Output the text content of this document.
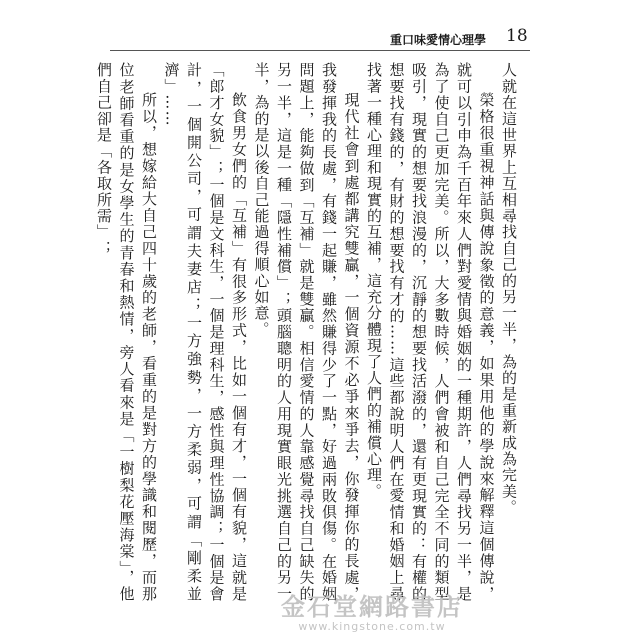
重口味愛情心理學 18

人就在這世界上互相尋找自己的另一半，為的是重新成為完美。

榮格很重視神話與傳說象徵的意義，如果用他的學說來解釋這個傳說，就可以引申為千百年來人們對愛情與婚姻的一種期許，人們尋找另一半，是為了使自己更加完美。所以，大多數時候，人們會被和自己完全不同的類型吸引，現實的想要找浪漫的，沉靜的想要找活潑的，還有更現實的：有權的想要找有錢的，有財的想要找有才的……這些都說明人們在愛情和婚姻上尋找著一種心理和現實的互補，這充分體現了人們的補償心理。

現代社會到處都講究雙贏，一個資源不必爭來爭去，你發揮你的長處，我發揮我的長處，有錢一起賺，雖然賺得少了一點，好過兩敗俱傷。在婚姻問題上，能夠做到「互補」就是雙贏。相信愛情的人靠感覺尋找自己缺失的另一半，這是一種「隱性補償」；頭腦聰明的人用現實眼光挑選自己的另一半，為的是以後自己能過得順心如意。

飲食男女們的「互補」有很多形式，比如一個有才，一個有貌，這就是「郎才女貌」；一個是文科生，一個是理科生，感性與理性協調；一個是會計，一個開公司，可謂夫妻店；一方強勢，一方柔弱，可謂「剛柔並濟」……

所以，想嫁給大自己四十歲的老師，看重的是對方的學識和閱歷，而那位老師看重的是女學生的青春和熱情，旁人看來是「一樹梨花壓海棠」，他們自己卻是「各取所需」；

金石堂網路書店
www.kingstone.com.tw
